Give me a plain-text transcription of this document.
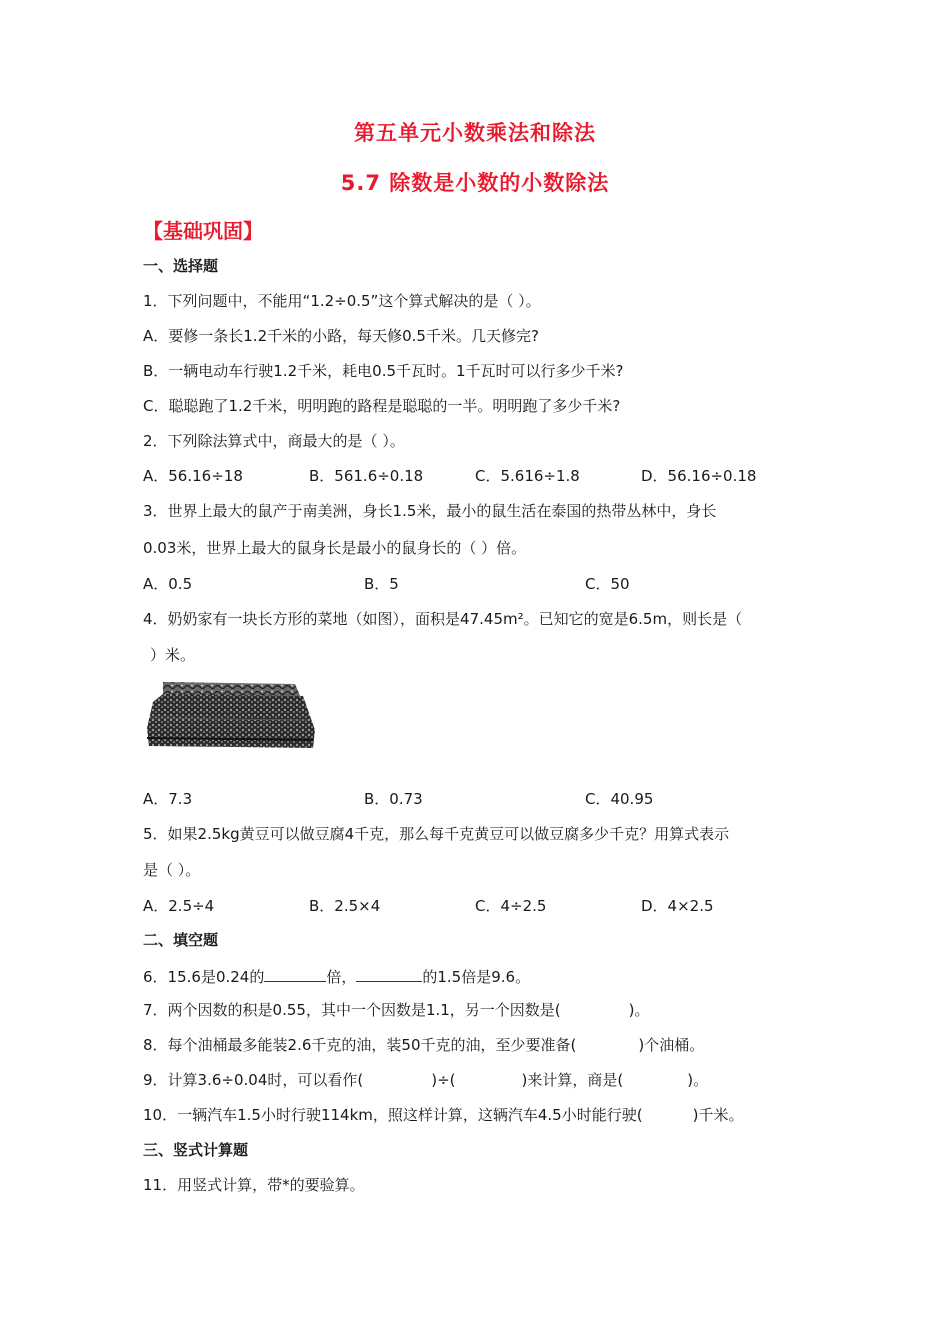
第五单元小数乘法和除法
5.7 除数是小数的小数除法
【基础巩固】
一、选择题
1．下列问题中，不能用“1.2÷0.5”这个算式解决的是（ ）。
A．要修一条长1.2千米的小路，每天修0.5千米。几天修完?
B．一辆电动车行驶1.2千米，耗电0.5千瓦时。1千瓦时可以行多少千米?
C．聪聪跑了1.2千米，明明跑的路程是聪聪的一半。明明跑了多少千米?
2．下列除法算式中，商最大的是（ ）。
A．56.16÷18	B．561.6÷0.18	C．5.616÷1.8	D．56.16÷0.18
3．世界上最大的鼠产于南美洲，身长1.5米，最小的鼠生活在泰国的热带丛林中，身长
0.03米，世界上最大的鼠身长是最小的鼠身长的（ ）倍。
A．0.5	B．5	C．50
4．奶奶家有一块长方形的菜地（如图），面积是47.45m²。已知它的宽是6.5m，则长是（
）米。
A．7.3	B．0.73	C．40.95
5．如果2.5kg黄豆可以做豆腐4千克，那么每千克黄豆可以做豆腐多少千克？用算式表示
是（ ）。
A．2.5÷4	B．2.5×4	C．4÷2.5	D．4×2.5
二、填空题
6．15.6是0.24的	倍，	的1.5倍是9.6。
7．两个因数的积是0.55，其中一个因数是1.1，另一个因数是(	)。
8．每个油桶最多能装2.6千克的油，装50千克的油，至少要准备(	)个油桶。
9．计算3.6÷0.04时，可以看作(	)÷(	)来计算，商是(	)。
10．一辆汽车1.5小时行驶114km，照这样计算，这辆汽车4.5小时能行驶(	)千米。
三、竖式计算题
11．用竖式计算，带*的要验算。
